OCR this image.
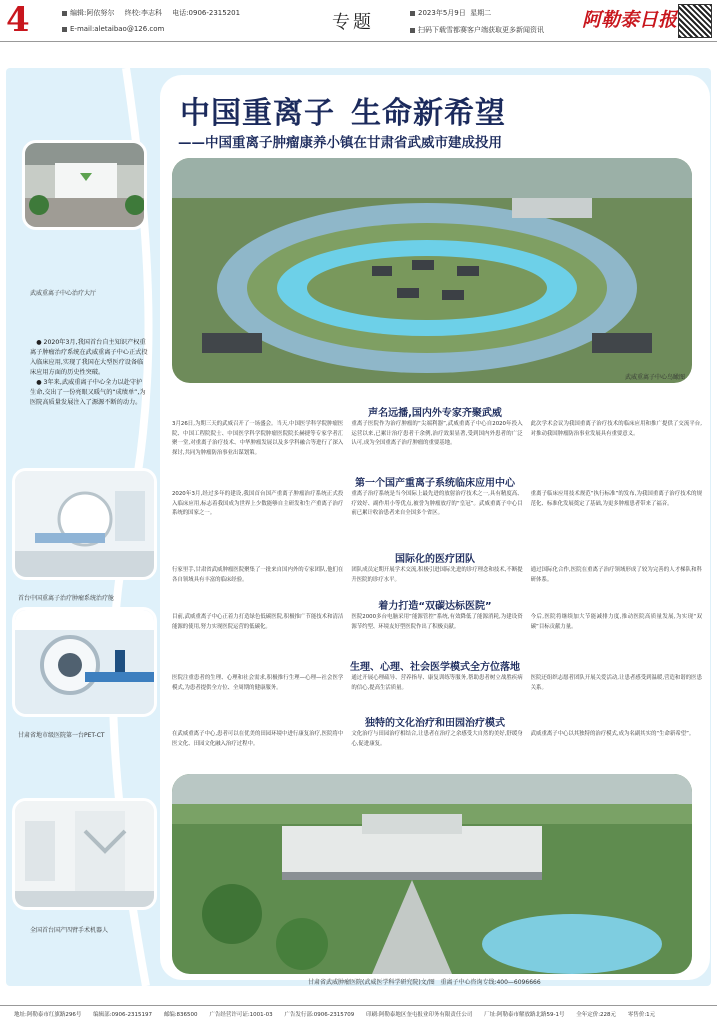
4	编辑:阿依努尔 终校:李志科 电话:0906-2315201
E-mail:aletaibao@126.com	专题	2023年5月9日 星期二
扫码下载雪都赛客户端获取更多新闻资讯 阿勒泰日报
武威重离子中心治疗大厅

● 2020年3月,我国首台自主知识产权重离子肿瘤治疗系统在武威重离子中心正式投入临床应用,实现了我国在大型医疗设备临床应用方面的历史性突破。

● 3年来,武威重离子中心全力以赴守护生命,交出了一份亮眼又暖气的“成绩单”,为医院高质量发展注入了源源不断的动力。

首台中国重离子治疗肿瘤系统治疗舱
甘肃省地市级医院第一台PET-CT
全国首台国产四臂手术机器人
中国重离子 生命新希望
——中国重离子肿瘤康养小镇在甘肃省武威市建成投用
武威重离子中心鸟瞰图
声名远播,国内外专家齐聚武威
3月26日,为期三天的武威召开了一场盛会。当天,中国医学科学院肿瘤医院、中国工程院院士、中国医学科学院肿瘤医院院长赫捷等专家学者汇聚一堂,对重离子治疗技术、中华肿瘤发展以及多学科融合等进行了深入探讨,共同为肿瘤防治事业出谋划策。
重离子医院作为治疗肿瘤的“尖端利器”,武威重离子中心自2020年投入运营以来,已累计治疗患者千余例,治疗效果显著,受到国内外患者的广泛认可,成为全国重离子治疗肿瘤的重要基地。
此次学术会议为我国重离子治疗技术的临床应用和推广提供了交流平台,对推动我国肿瘤防治事业发展具有重要意义。
第一个国产重离子系统临床应用中心
2020年3月,经过多年的建设,我国首台国产重离子肿瘤治疗系统正式投入临床应用,标志着我国成为世界上少数能够自主研发和生产重离子治疗系统的国家之一。
重离子治疗系统是当今国际上最先进的放射治疗技术之一,具有精度高、疗效好、副作用小等优点,被誉为肿瘤放疗的“皇冠”。武威重离子中心目前已累计收治患者来自全国多个省区。
重离子临床应用技术规范“执行标准”的发布,为我国重离子治疗技术的规范化、标准化发展奠定了基础,为更多肿瘤患者带来了福音。
国际化的医疗团队
行家里手,甘肃省武威肿瘤医院聚集了一批来自国内外的专家团队,他们在各自领域具有丰富的临床经验。
团队成员定期开展学术交流,积极引进国际先进的诊疗理念和技术,不断提升医院的诊疗水平。
通过国际化合作,医院在重离子治疗领域形成了较为完善的人才梯队和科研体系。
着力打造“双碳达标医院”
目前,武威重离子中心正着力打造绿色低碳医院,积极推广节能技术和清洁能源的使用,努力实现医院运营的低碳化。
医院2000多台电脑采用“能源管控”系统,有效降低了能源消耗,为建设资源节约型、环境友好型医院作出了积极贡献。
今后,医院将继续加大节能减排力度,推动医院高质量发展,为实现“双碳”目标贡献力量。
生理、心理、社会医学模式全方位落地
医院注重患者的生理、心理和社会需求,积极推行生理—心理—社会医学模式,为患者提供全方位、全周期的健康服务。
通过开展心理疏导、营养指导、康复训练等服务,帮助患者树立战胜疾病的信心,提高生活质量。
医院还组织志愿者团队开展关爱活动,让患者感受到温暖,营造和谐的医患关系。
独特的文化治疗和田园治疗模式
在武威重离子中心,患者可以在优美的田园环境中进行康复治疗,医院将中医文化、田园文化融入治疗过程中。
文化治疗与田园治疗相结合,让患者在治疗之余感受大自然的美好,舒缓身心,促进康复。
武威重离子中心以其独特的治疗模式,成为名副其实的“生命新希望”。
甘肃省武威肿瘤医院(武威医学科学研究院)文/图 重离子中心咨询专线:400—6096666
地址:阿勒泰市红旗路296号 编辑部:0906-2315197 邮编:836500 广告经营许可证:1001-03 广告发行部:0906-2315709 印刷:阿勒泰地区奎屯报业印务有限责任公司 厂址:阿勒泰市解放路北路59-1号 全年定价:228元 零售价:1元
